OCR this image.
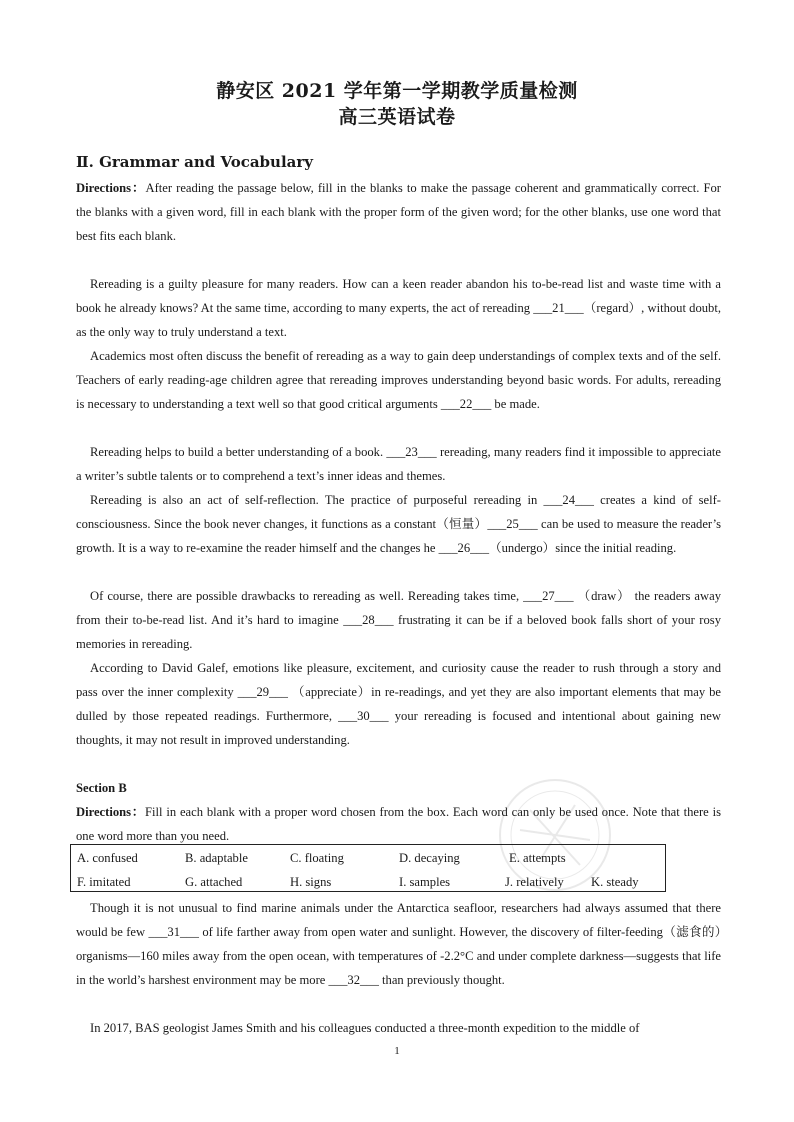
静安区 2021 学年第一学期教学质量检测
高三英语试卷
Ⅱ. Grammar and Vocabulary
Directions：After reading the passage below, fill in the blanks to make the passage coherent and grammatically correct. For the blanks with a given word, fill in each blank with the proper form of the given word; for the other blanks, use one word that best fits each blank.
Rereading is a guilty pleasure for many readers. How can a keen reader abandon his to-be-read list and waste time with a book he already knows? At the same time, according to many experts, the act of rereading ___21___（regard）, without doubt, as the only way to truly understand a text.
Academics most often discuss the benefit of rereading as a way to gain deep understandings of complex texts and of the self. Teachers of early reading-age children agree that rereading improves understanding beyond basic words. For adults, rereading is necessary to understanding a text well so that good critical arguments ___22___ be made.
Rereading helps to build a better understanding of a book. ___23___ rereading, many readers find it impossible to appreciate a writer’s subtle talents or to comprehend a text’s inner ideas and themes.
Rereading is also an act of self-reflection. The practice of purposeful rereading in ___24___ creates a kind of self-consciousness. Since the book never changes, it functions as a constant（恒量）___25___ can be used to measure the reader’s growth. It is a way to re-examine the reader himself and the changes he ___26___（undergo）since the initial reading.
Of course, there are possible drawbacks to rereading as well. Rereading takes time, ___27___ （draw） the readers away from their to-be-read list. And it’s hard to imagine ___28___ frustrating it can be if a beloved book falls short of your rosy memories in rereading.
According to David Galef, emotions like pleasure, excitement, and curiosity cause the reader to rush through a story and pass over the inner complexity ___29___ （appreciate）in re-readings, and yet they are also important elements that may be dulled by those repeated readings. Furthermore, ___30___ your rereading is focused and intentional about gaining new thoughts, it may not result in improved understanding.
Section B
Directions：Fill in each blank with a proper word chosen from the box. Each word can only be used once. Note that there is one word more than you need.
A. confused	B. adaptable	C. floating	D. decaying	E. attempts
F. imitated	G. attached	H. signs	I. samples	J. relatively K. steady
Though it is not unusual to find marine animals under the Antarctica seafloor, researchers had always assumed that there would be few ___31___ of life farther away from open water and sunlight. However, the discovery of filter-feeding（滤食的）organisms—160 miles away from the open ocean, with temperatures of -2.2°C and under complete darkness—suggests that life in the world’s harshest environment may be more ___32___ than previously thought.
In 2017, BAS geologist James Smith and his colleagues conducted a three-month expedition to the middle of
1
